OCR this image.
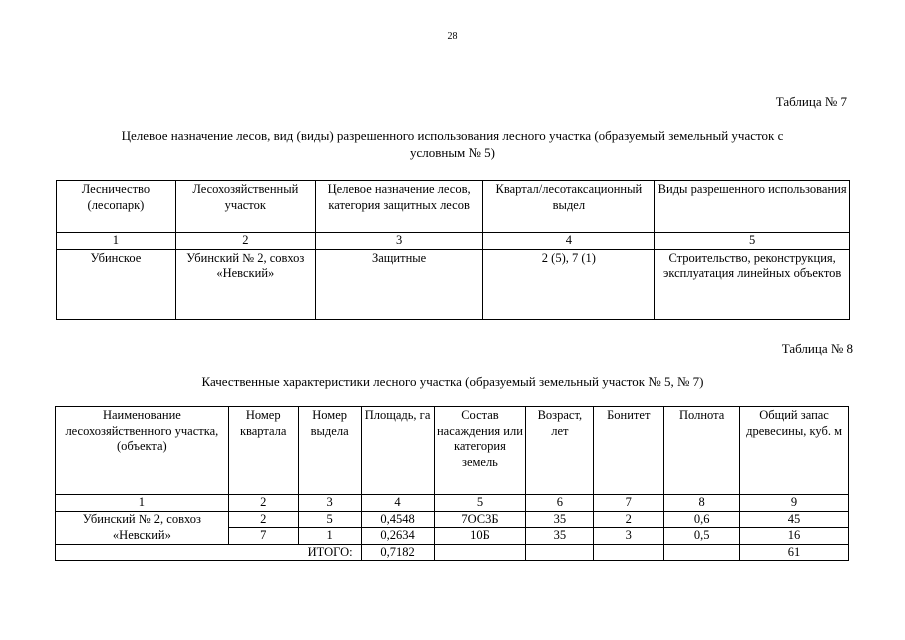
28
Таблица № 7
Целевое назначение лесов, вид (виды) разрешенного использования лесного участка (образуемый земельный участок с условным № 5)
Лесничество (лесопарк)	Лесохозяйственный участок	Целевое назначение лесов, категория защитных лесов	Квартал/лесотаксационный выдел	Виды разрешенного использования
1	2	3	4	5
Убинское	Убинский № 2, совхоз «Невский»	Защитные	2 (5), 7 (1)	Строительство, реконструкция, эксплуатация линейных объектов
Таблица № 8
Качественные характеристики лесного участка (образуемый земельный участок № 5, № 7)
Наименование лесохозяйственного участка, (объекта)	Номер квартала	Номер выдела	Площадь, га	Состав насаждения или категория земель	Возраст, лет	Бонитет	Полнота	Общий запас древесины, куб. м
1	2	3	4	5	6	7	8	9
Убинский № 2, совхоз «Невский»	2	5	0,4548	7ОС3Б	35	2	0,6	45
	7	1	0,2634	10Б	35	3	0,5	16
ИТОГО:			0,7182					61
